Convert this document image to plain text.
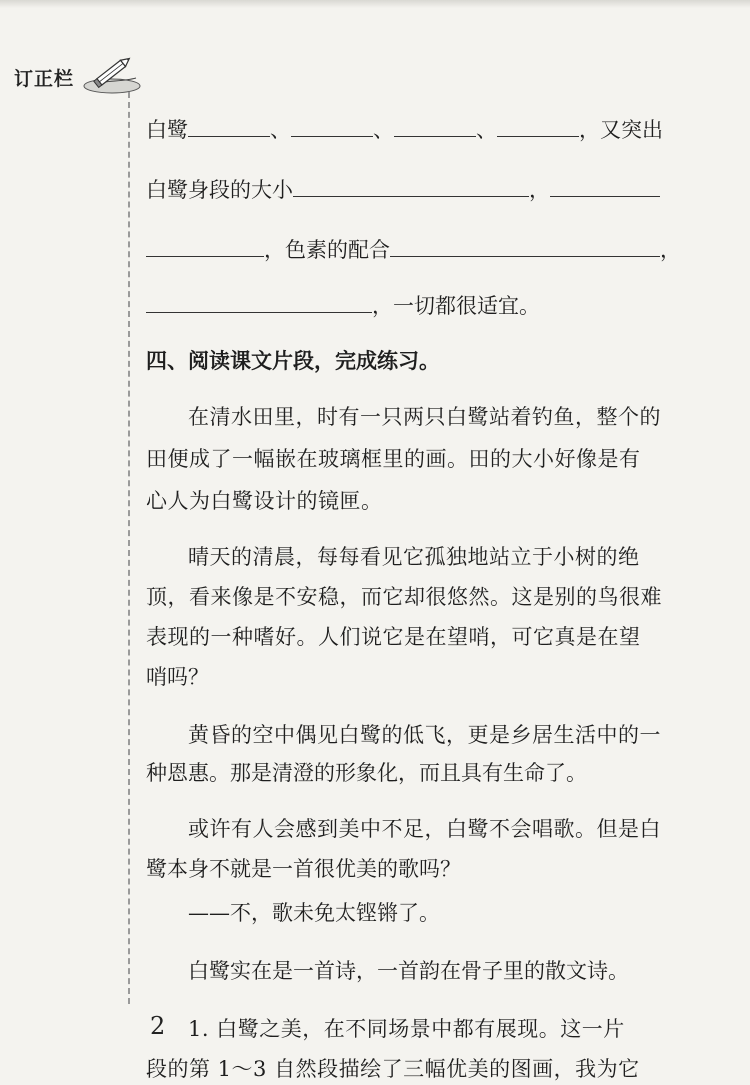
订正栏
白鹭	、	、	、	，又突出
白鹭身段的大小	，
，色素的配合	，
，一切都很适宜。
四、阅读课文片段，完成练习。
在清水田里，时有一只两只白鹭站着钓鱼，整个的
田便成了一幅嵌在玻璃框里的画。田的大小好像是有
心人为白鹭设计的镜匣。
晴天的清晨，每每看见它孤独地站立于小树的绝
顶，看来像是不安稳，而它却很悠然。这是别的鸟很难
表现的一种嗜好。人们说它是在望哨，可它真是在望
哨吗？
黄昏的空中偶见白鹭的低飞，更是乡居生活中的一
种恩惠。那是清澄的形象化，而且具有生命了。
或许有人会感到美中不足，白鹭不会唱歌。但是白
鹭本身不就是一首很优美的歌吗？
——不，歌未免太铿锵了。
白鹭实在是一首诗，一首韵在骨子里的散文诗。
1. 白鹭之美，在不同场景中都有展现。这一片
段的第 1～3 自然段描绘了三幅优美的图画，我为它
2
